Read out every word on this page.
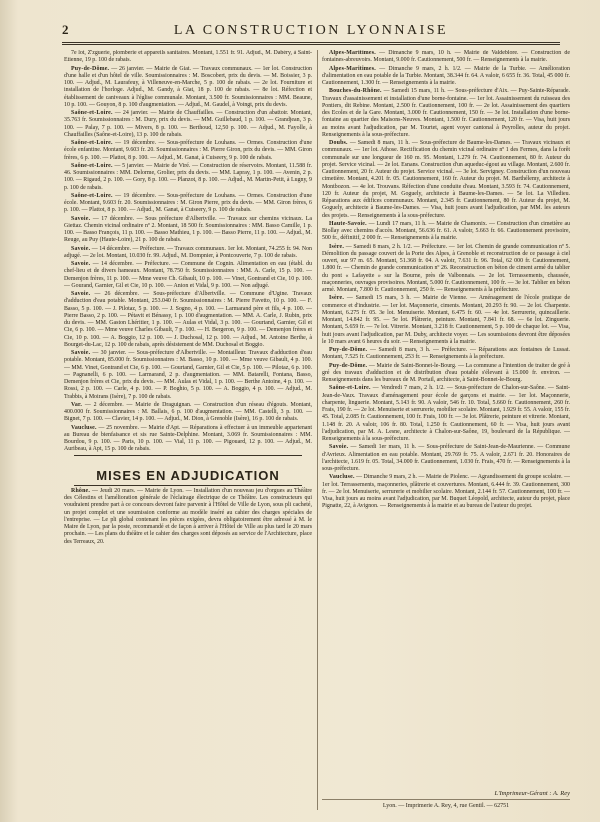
2	LA CONSTRUCTION LYONNAISE

7e lot, Z'zguerie, plomberie et appareils sanitaires. Montant, 1.551 fr. 91. Adjud., M. Dabéry, à Saint-Etienne, 19 p. 100 de rabais.

Puy-de-Dôme. — 26 janvier. — Mairie de Giat. — Travaux communaux. — 1er lot. Construction d'une halle et d'un hôtel de ville. Soumissionnaires : M. Boscobert, prix du devis. — M. Boissier, 3 p. 100. — Adjud., M. Laurafeuy, à Villeneuve-en-Marche, 5 p. 100 de rabais. — 2e lot. Fourniture et installation de l'horloge. Adjud., M. Gandy, à Giat, 18 p. 100 de rabais. — 8e lot. Réfection et établissement de caniveaux à l'église communale. Montant, 3.500 fr. Soumissionnaires : MM. Beaune, 10 p. 100. — Gouyon, 8 p. 100 d'augmentation. — Adjud., M. Gaudel, à Voingt, prix du devis.

Saône-et-Loire. — 24 janvier. — Mairie de Chauffailles. — Construction d'un abattoir. Montant, 35.763 fr. Soumissionnaires : M. Dury, prix du devis. — MM. Guillebaud, 1 p. 100. — Grandjean, 3 p. 100. — Palay, 7 p. 100. — Mivers, 8 p. 100. — Berthoud, 12,50 p. 100. — Adjud., M. Fayolle, à Chauffailles (Saône-et-Loire), 13 p. 100 de rabais.

Saône-et-Loire. — 19 décembre. — Sous-préfecture de Louhans. — Ormes. Construction d'une école enfantine. Montant, 9.603 fr. 20. Soumissionnaires : M. Pierre Giron, prix du devis. — MM. Giron frères, 6 p. 100. — Plattot, 8 p. 100. — Adjud., M. Ganat, à Cuiseery, 9 p. 100 de rabais.

Saône-et-Loire. — 5 janvier. — Mairie de Viré. — Construction de réservoirs. Montant, 11.588 fr. 46. Soumissionnaires : MM. Delorme, Grolier, prix du devis. — MM. Lapray, 1 p. 100. — Avenin, 2 p. 100. — Rigaud, 2 p. 100. — Gory, 8 p. 100. — Planzot, 8 p. 100. — Adjud., M. Martin-Petit, à Lugny, 9 p. 100 de rabais.

Saône-et-Loire. — 19 décembre. — Sous-préfecture de Louhans. — Ormes. Construction d'une école. Montant, 9.603 fr. 20. Soumissionnaires : M. Giron Pierre, prix du devis. — MM. Giron frères, 6 p. 100. — Plattot, 8 p. 100. — Adjud., M. Ganat, à Cuiseery, 9 p. 100 de rabais.

Savoie. — 17 décembre. — Sous préfecture d'Albertville. — Travaux sur chemins vicinaux. La Giettaz. Chemin vicinal ordinaire nº 2. Montant, 18 500 fr. Soumissionnaires : MM. Basso Camille, 1 p. 100. — Basso François, 11 p. 100. — Basso Mathieu, 1 p. 100. — Basso Pierre, 11 p. 100. — Adjud., M. Reuge, au Puy (Haute-Loire), 21 p. 100 de rabais.

Savoie. — 14 décembre. — Préfecture. — Travaux communaux. 1er lot. Montant, 74.255 fr. 94. Non adjugé. — 2e lot. Montant, 10.030 fr. 99. Adjud., M. Dompnier, à Pontcouverte, 7 p. 100 de rabais.

Savoie. — 14 décembre. — Préfecture. — Commune de Cognin. Alimentation en eau (établ. du chef-lieu et de divers hameaux. Montant, 78.750 fr. Soumissionnaires : MM. A. Carle, 15 p. 100. — Demenjon frères, 11 p. 100. — Mme veuve Ch. Gibault, 10 p. 100. — Vinet, Gontrand et Cie, 10 p. 100. — Gourand, Garnier, Gil et Cie, 10 p. 100. — Anion et Vidal, 9 p. 100. — Non adjugé.

Savoie. — 26 décembre. — Sous-préfecture d'Albertville. — Commune d'Ugine. Travaux d'adduction d'eau potable. Montant, 253.040 fr. Soumissionnaires : M. Pierre Favetto, 10 p. 100. — F. Basso, 5 p. 100. — J. Pilotaz, 5 p. 100. — J. Sogno, 4 p. 100. — Larmarand père et fils, 4 p. 100. — Pierre Basso, 2 p. 100. — Pétavit et Bénassy, 1 p. 100 d'augmentation. — MM. A. Carle, J. Rubin, prix du devis. — MM. Gaston Lhéritier, 1 p. 100. — Aulas et Vidal, 3 p. 100. — Gourtand, Garnier, Gil et Cie, 6 p. 100. — Mme veuve Charles Gibault, 7 p. 100. — H. Bergeron, 9 p. 100. — Demenjon frères et Cie, 10 p. 100. — A. Boggio, 12 p. 100. — J. Duchosal, 12 p. 100. — Adjud., M. Antoine Berthe, à Bourget-du-Lac, 12 p. 100 de rabais, après désistement de MM. Duchosal et Boggio.

Savoie. — 30 janvier. — Sous-préfecture d'Albertville. — Montailleur. Travaux d'adduction d'eau potable. Montant, 85.000 fr. Soumissionnaires : M. Basso, 10 p. 100. — Mme veuve Gibault, 4 p. 100. — MM. Vinet, Gontrand et Cie, 6 p. 100. — Gourtand, Garnier, Gil et Cie, 5 p. 100. — Pilotaz, 6 p. 100. — Pagnanelli, 6 p. 100. — Larmarand, 2 p. d'augmentation. — MM. Batarelli, Fontana, Basso, Demenjon frères et Cie, prix du devis. — MM. Aulas et Vidal, 1 p. 100. — Berthe Antoine, 4 p. 100. — Rossi, 2 p. 100. — Carle, 4 p. 100. — P. Boghio, 5 p. 100. — A. Boggio, 4 p. 100. — Adjud., M. Trabbis, à Moirans (Isère), 7 p. 100 de rabais.

Var. — 2 décembre. — Mairie de Draguignan. — Construction d'un réseau d'égouts. Montant, 400.000 fr. Soumissionnaires : M. Ballais, 6 p. 100 d'augmentation. — MM. Castelli, 3 p. 100. — Bignet, 7 p. 100. — Clavier, 14 p. 100. — Adjud., M. Dion, à Grenoble (Isère), 16 p. 100 de rabais.

Vaucluse. — 25 novembre. — Mairie d'Apt. — Réparations à effectuer à un immeuble appartenant au Bureau de bienfaisance et sis rue Sainte-Delphine. Montant, 3.069 fr. Soumissionnaires : MM. Bourdou, 9 p. 100. — Paris, 10 p. 100. — Vial, 11 p. 100. — Pigouard, 12 p. 100. — Adjud., M. Auribeau, à Apt, 15 p. 100 de rabais.

MISES EN ADJUDICATION

Rhône. — Jeudi 20 mars. — Mairie de Lyon. — Installation d'un nouveau jeu d'orgues au Théâtre des Célestins et l'amélioration générale de l'éclairage électrique de ce Théâtre. Les constructeurs qui voudraient prendre part à ce concours devront faire parvenir à l'Hôtel de Ville de Lyon, sous pli cacheté, un projet complet et une soumission conforme au modèle inséré au cahier des charges spéciales de l'entreprise. — Le pli global contenant les pièces exigées, devra obligatoirement être adressé à M. le Maire de Lyon, par la poste, recommandé et de façon à arriver à l'Hôtel de Ville au plus tard le 20 mars prochain. — Les plans du théâtre et le cahier des charges sont déposés au service de l'Architecture, place des Terreaux, 20.

Alpes-Maritimes. — Dimanche 9 mars, 10 h. — Mairie de Valdeblore. — Construction de fontaines-abreuvoirs. Montant, 9.000 fr. Cautionnement, 500 fr. — Renseignements à la mairie.

Alpes-Maritimes. — Dimanche 9 mars, 2 h. 1/2. — Mairie de la Turbie. — Amélioration d'alimentation en eau potable de la Turbie. Montant, 38.344 fr. 64. A valoir, 6 655 fr. 36. Total, 45 000 fr. Cautionnement, 1.300 fr. — Renseignements à la mairie.

Bouches-du-Rhône. — Samedi 15 mars, 11 h. — Sous-préfecture d'Aix. — Puy-Sainte-Réparade. Travaux d'assainissement et installation d'une borne-fontaine. — 1er lot. Assainissement du ruisseau des Pontiers, dit Rebine. Montant, 2.500 fr. Cautionnement, 100 fr. — 2e lot. Assainissement des quartiers des Ecoles et de la Gare. Montant, 3.000 fr. Cautionnement, 150 fr. — 3e lot. Installation d'une borne-fontaine au quartier des Maisons-Neuves. Montant, 1.500 fr. Cautionnement, 120 fr. — Visa, huit jours au moins avant l'adjudication, par M. Tourtet, agent voyer cantonal à Peyrolles, auteur du projet. Renseignements à la sous-préfecture.

Doubs. — Samedi 8 mars, 11 h. — Sous-préfecture de Baume-les-Dames. — Travaux vicinaux et communaux. — 1er lot. Athose. Rectification du chemin vicinal ordinaire nº 1 des Fermes, dans la forêt communale sur une longueur de 160 m. 95. Montant, 1.279 fr. 74. Cautionnement, 80 fr. Auteur du projet. Service vicinal. — 2e lot. Esnans. Construction d'un aqueduc-égout au village. Montant, 2.600 fr. Cautionnement, 20 fr. Auteur du projet. Service vicinal. — 3e lot. Servigney. Construction d'un nouveau cimetière. Montant, 4.201 fr. 05. Cautionnement, 160 fr. Auteur du projet. M. Barthélemy, architecte à Montbozon. — 4e lot. Trouvans. Réfection d'une conduite d'eau. Montant, 3.593 fr. 74. Cautionnement, 120 fr. Auteur du projet, M. Goguely, architecte à Baume-les-Dames. — 5e lot. La Villedieu. Réparations aux édifices communaux. Montant, 2.345 fr. Cautionnement, 80 fr. Auteur du projet, M. Goguely, architecte à Baume-les-Dames. — Visa, huit jours avant l'adjudication, par MM. les auteurs des projets. — Renseignements à la sous-préfecture.

Haute-Savoie. — Lundi 17 mars, 11 h. — Mairie de Chamonix. — Construction d'un cimetière au Biollay avec chemins d'accès. Montant, 56.636 fr. 61. A valoir, 5.663 fr. 66. Cautionnement provisoire, 500 fr., définitif, 2 000 fr. — Renseignements à la mairie.

Isère. — Samedi 8 mars, 2 h. 1/2. — Préfecture. — 1er lot. Chemin de grande communication nº 5. Démolition du passage couvert de la Porte des Alpes, à Grenoble et reconstruction de ce passage à ciel ouvert, sur 97 m. 65. Montant, 51.368 fr. 04. A valoir, 7.631 fr. 96. Total, 62 000 fr. Cautionnement, 1.800 fr. — Chemin de grande communication nº 26. Reconstruction en béton de ciment armé du tablier du pont « Lafayette » sur la Bourne, près de Valbonnais. — 2e lot. Terrassements, chaussée, maçonneries, ouvrages provisoires. Montant, 5.000 fr. Cautionnement, 100 fr. — 3e lot. Tablier en béton armé. Montant, 7.800 fr. Cautionnement, 250 fr. — Renseignements à la préfecture.

Isère. — Samedi 15 mars, 3 h. — Mairie de Vienne. — Aménagement de l'école pratique de commerce et d'industrie. — 1er lot. Maçonnerie, ciments. Montant, 20.293 fr. 90. — 2e lot. Charpente. Montant, 6.275 fr. 05. 3e lot. Menuiserie. Montant, 6.475 fr. 60. — 4e lot. Serrurerie, quincaillerie. Montant, 14.842 fr. 95. — 5e lot. Plâtrerie, peinture. Montant, 7.841 fr. 68. — 6e lot. Zinguerie. Montant, 5.659 fr. — 7e lot. Vitrerie. Montant, 3.218 fr. Cautionnement, 5 p. 100 de chaque lot. — Visa, huit jours avant l'adjudication, par M. Duby, architecte voyer. — Les soumissions devront être déposées le 10 mars avant 6 heures du soir. — Renseignements à la mairie.

Puy-de-Dôme. — Samedi 8 mars, 3 h. — Préfecture. — Réparations aux fontaines de Lussat. Montant, 7.525 fr. Cautionnement, 253 fr. — Renseignements à la préfecture.

Puy-de-Dôme. — Mairie de Saint-Bonnet-le-Bourg. — La commune a l'intention de traiter de gré à gré des travaux d'adduction et de distribution d'eau potable s'élevant à 15.000 fr. environ. — Renseignements dans les bureaux de M. Portail, architecte, à Saint-Bonnet-le-Bourg.

Saône-et-Loire. — Vendredi 7 mars, 2 h. 1/2. — Sous-préfecture de Chalon-sur-Saône. — Saint-Jean-de-Vaux. Travaux d'aménagement pour école de garçons et mairie. — 1er lot. Maçonnerie, charpente, linguerie. Montant, 5.143 fr. 90. A valoir, 546 fr. 10. Total, 5.660 fr. Cautionnement, 260 fr. Frais, 190 fr. — 2e lot. Menuiserie et serrurerie, mobilier scolaire. Montant, 1.929 fr. 55. A valoir, 155 fr. 45. Total, 2.085 fr. Cautionnement, 100 fr. Frais, 100 fr. — 3e lot. Plâtrerie, peinture et vitrerie. Montant, 1.148 fr. 20. A valoir, 106 fr. 80. Total, 1.250 fr. Cautionnement, 60 fr. — Visa, huit jours avant l'adjudication, par M. A. Lesne, architecte à Chalon-sur-Saône, 19, boulevard de la République. — Renseignements à la sous-préfecture.

Savoie. — Samedi 1er mars, 11 h. — Sous-préfecture de Saint-Jean-de-Maurienne. — Commune d'Avrieux. Alimentation en eau potable. Montant, 29.769 fr. 75. A valoir, 2.671 fr. 20. Honoraires de l'architecte, 1.619 fr. 05. Total, 34.000 fr. Cautionnement, 1.030 fr. Frais, 470 fr. — Renseignements à la sous-préfecture.

Vaucluse. — Dimanche 9 mars, 2 h. — Mairie de Piolenc. — Agrandissement du groupe scolaire. — 1er lot. Terrassements, maçonneries, plâtrerie et couvertures. Montant, 6.444 fr. 39. Cautionnement, 300 fr. — 2e lot. Menuiserie, serrurerie et mobilier scolaire. Montant, 2.144 fr. 57. Cautionnement, 100 fr. — Visa, huit jours au moins avant l'adjudication, par M. Buquet Léopold, architecte, auteur du projet, place Pignatte, 22, à Avignon. — Renseignements à la mairie et au bureau de l'auteur du projet.

L'Imprimeur-Gérant : A. Rey
Lyon. — Imprimerie A. Rey, 4, rue Gentil. — 62751
